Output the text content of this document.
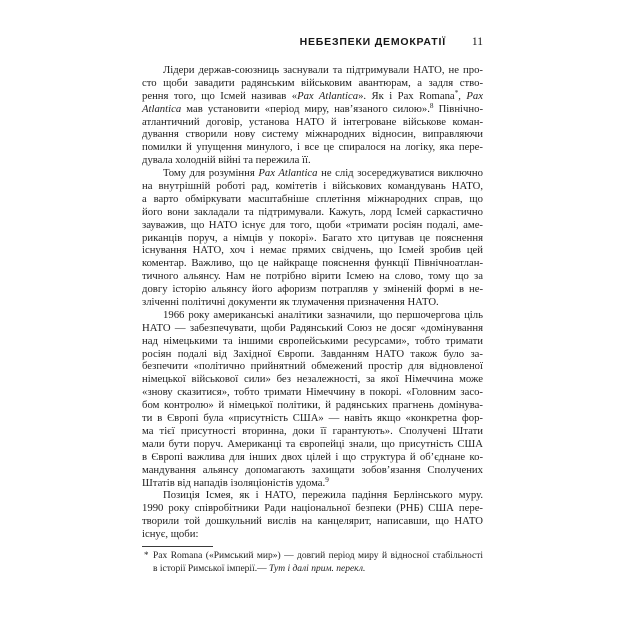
НЕБЕЗПЕКИ ДЕМОКРАТІЇ 11
Лідери держав-союзниць заснували та підтримували НАТО, не про-
сто щоби завадити радянським військовим авантюрам, а задля ство-
рення того, що Ісмей називав «Pax Atlantica». Як і Pax Romana*, Pax
Atlantica мав установити «період миру, нав’язаного силою».$^8$ Північно-
атлантичний договір, установа НАТО й інтегроване військове коман-
дування створили нову систему міжнародних відносин, виправляючи
помилки й упущення минулого, і все це спиралося на логіку, яка пере-
дувала холодній війні та пережила її.
Тому для розуміння Pax Atlantica не слід зосереджуватися виключно
на внутрішній роботі рад, комітетів і військових командувань НАТО,
а варто обміркувати масштабніше сплетіння міжнародних справ, що
його вони закладали та підтримували. Кажуть, лорд Ісмей саркастично
зауважив, що НАТО існує для того, щоби «тримати росіян подалі, аме-
риканців поруч, а німців у покорі». Багато хто цитував це пояснення
існування НАТО, хоч і немає прямих свідчень, що Ісмей зробив цей
коментар. Важливо, що це найкраще пояснення функції Північноатлан-
тичного альянсу. Нам не потрібно вірити Ісмею на слово, тому що за
довгу історію альянсу його афоризм потрапляв у зміненій формі в не-
зліченні політичні документи як тлумачення призначення НАТО.
1966 року американські аналітики зазначили, що першочергова ціль
НАТО — забезпечувати, щоби Радянський Союз не досяг «домінування
над німецькими та іншими європейськими ресурсами», тобто тримати
росіян подалі від Західної Європи. Завданням НАТО також було за-
безпечити «політично прийнятний обмежений простір для відновленої
німецької військової сили» без незалежності, за якої Німеччина може
«знову сказитися», тобто тримати Німеччину в покорі. «Головним засо-
бом контролю» й німецької політики, й радянських прагнень домінува-
ти в Європі була «присутність США» — навіть якщо «конкретна фор-
ма тієї присутності вторинна, доки її гарантують». Сполучені Штати
мали бути поруч. Американці та європейці знали, що присутність США
в Європі важлива для інших двох цілей і що структура й об’єднане ко-
мандування альянсу допомагають захищати зобов’язання Сполучених
Штатів від нападів ізоляціоністів удома.$^9$
Позиція Ісмея, як і НАТО, пережила падіння Берлінського муру.
1990 року співробітники Ради національної безпеки (РНБ) США пере-
творили той дошкульний вислів на канцелярит, написавши, що НАТО
існує, щоби:
* Pax Romana («Римський мир») — довгий період миру й відносної стабільності
в історії Римської імперії.— Тут і далі прим. перекл.
